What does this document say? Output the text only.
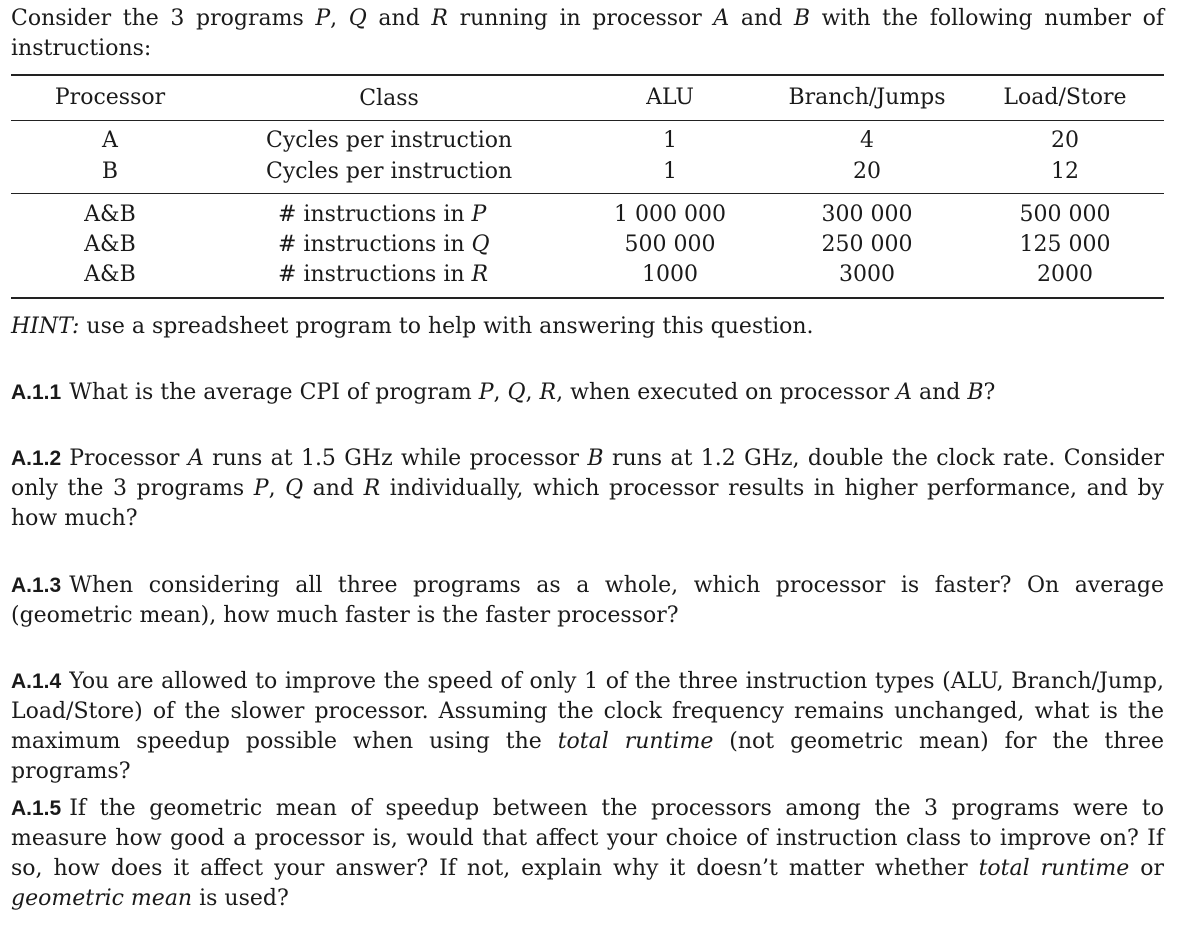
Consider the 3 programs P, Q and R running in processor A and B with the following number of instructions:

Processor	Class	ALU	Branch/Jumps	Load/Store
A	Cycles per instruction	1	4	20
B	Cycles per instruction	1	20	12
A&B	# instructions in P	1 000 000	300 000	500 000
A&B	# instructions in Q	500 000	250 000	125 000
A&B	# instructions in R	1000	3000	2000

HINT: use a spreadsheet program to help with answering this question.

A.1.1 What is the average CPI of program P, Q, R, when executed on processor A and B?

A.1.2 Processor A runs at 1.5 GHz while processor B runs at 1.2 GHz, double the clock rate. Consider only the 3 programs P, Q and R individually, which processor results in higher performance, and by how much?

A.1.3 When considering all three programs as a whole, which processor is faster? On average (geometric mean), how much faster is the faster processor?

A.1.4 You are allowed to improve the speed of only 1 of the three instruction types (ALU, Branch/Jump, Load/Store) of the slower processor. Assuming the clock frequency remains unchanged, what is the maximum speedup possible when using the total runtime (not geometric mean) for the three programs?

A.1.5 If the geometric mean of speedup between the processors among the 3 programs were to measure how good a processor is, would that affect your choice of instruction class to improve on? If so, how does it affect your answer? If not, explain why it doesn’t matter whether total runtime or geometric mean is used?
